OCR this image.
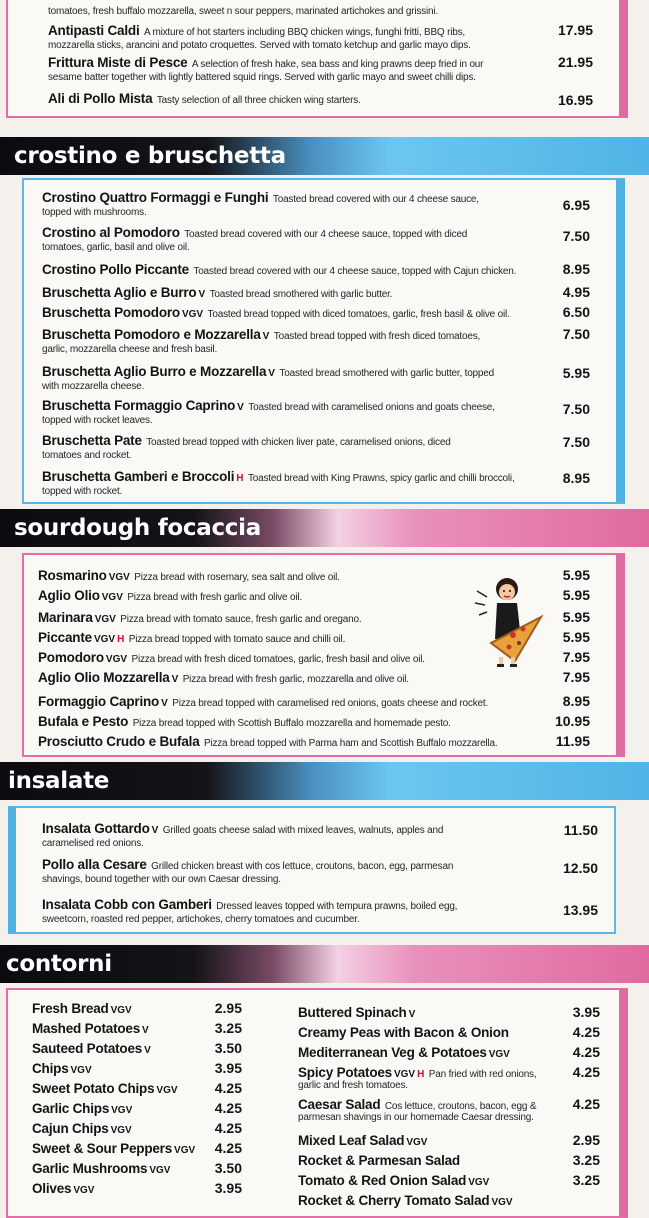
tomatoes, fresh buffalo mozzarella, sweet n sour peppers, marinated artichokes and grissini.
Antipasti Caldi A mixture of hot starters including BBQ chicken wings, funghi fritti, BBQ ribs,
mozzarella sticks, arancini and potato croquettes. Served with tomato ketchup and garlic mayo dips.
17.95
Frittura Miste di Pesce A selection of fresh hake, sea bass and king prawns deep fried in our
sesame batter together with lightly battered squid rings. Served with garlic mayo and sweet chilli dips.
21.95
Ali di Pollo Mista Tasty selection of all three chicken wing starters.	16.95
crostino e bruschetta
Crostino Quattro Formaggi e Funghi Toasted bread covered with our 4 cheese sauce,
topped with mushrooms.	6.95
Crostino al Pomodoro Toasted bread covered with our 4 cheese sauce, topped with diced
tomatoes, garlic, basil and olive oil.
7.50
Crostino Pollo Piccante Toasted bread covered with our 4 cheese sauce, topped with Cajun chicken.	8.95
Bruschetta Aglio e Burro V Toasted bread smothered with garlic butter.	4.95
Bruschetta Pomodoro VGV Toasted bread topped with diced tomatoes, garlic, fresh basil & olive oil.	6.50
Bruschetta Pomodoro e Mozzarella V Toasted bread topped with fresh diced tomatoes,
garlic, mozzarella cheese and fresh basil.
7.50
Bruschetta Aglio Burro e Mozzarella V Toasted bread smothered with garlic butter, topped
with mozzarella cheese.
5.95
Bruschetta Formaggio Caprino V Toasted bread with caramelised onions and goats cheese,
topped with rocket leaves.
7.50
Bruschetta Pate Toasted bread topped with chicken liver pate, caramelised onions, diced
tomatoes and rocket.
7.50
Bruschetta Gamberi e Broccoli H Toasted bread with King Prawns, spicy garlic and chilli broccoli,
topped with rocket.
8.95
sourdough focaccia
Rosmarino VGV Pizza bread with rosemary, sea salt and olive oil.	5.95
Aglio Olio VGV Pizza bread with fresh garlic and olive oil.	5.95
Marinara VGV Pizza bread with tomato sauce, fresh garlic and oregano.	5.95
Piccante VGV H Pizza bread topped with tomato sauce and chilli oil.	5.95
Pomodoro VGV Pizza bread with fresh diced tomatoes, garlic, fresh basil and olive oil.	7.95
Aglio Olio Mozzarella V Pizza bread with fresh garlic, mozzarella and olive oil.	7.95
Formaggio Caprino V Pizza bread topped with caramelised red onions, goats cheese and rocket.	8.95
Bufala e Pesto Pizza bread topped with Scottish Buffalo mozzarella and homemade pesto.	10.95
Prosciutto Crudo e Bufala Pizza bread topped with Parma ham and Scottish Buffalo mozzarella.	11.95
insalate
Insalata Gottardo V Grilled goats cheese salad with mixed leaves, walnuts, apples and
caramelised red onions.
11.50
Pollo alla Cesare Grilled chicken breast with cos lettuce, croutons, bacon, egg, parmesan
shavings, bound together with our own Caesar dressing.
12.50
Insalata Cobb con Gamberi Dressed leaves topped with tempura prawns, boiled egg,
sweetcorn, roasted red pepper, artichokes, cherry tomatoes and cucumber.
13.95
contorni
Fresh Bread VGV	2.95
Mashed Potatoes V	3.25
Sauteed Potatoes V	3.50
Chips VGV	3.95
Sweet Potato Chips VGV	4.25
Garlic Chips VGV	4.25
Cajun Chips VGV	4.25
Sweet & Sour Peppers VGV 4.25
Garlic Mushrooms VGV	3.50
Olives VGV	3.95
Buttered Spinach V	3.95
Creamy Peas with Bacon & Onion	4.25
Mediterranean Veg & Potatoes VGV	4.25
Spicy Potatoes VGV H Pan fried with red onions,
garlic and fresh tomatoes.
4.25
Caesar Salad Cos lettuce, croutons, bacon, egg &
parmesan shavings in our homemade Caesar dressing.
4.25
Mixed Leaf Salad VGV	2.95
Rocket & Parmesan Salad	3.25
Tomato & Red Onion Salad VGV	3.25
Rocket & Cherry Tomato Salad VGV
